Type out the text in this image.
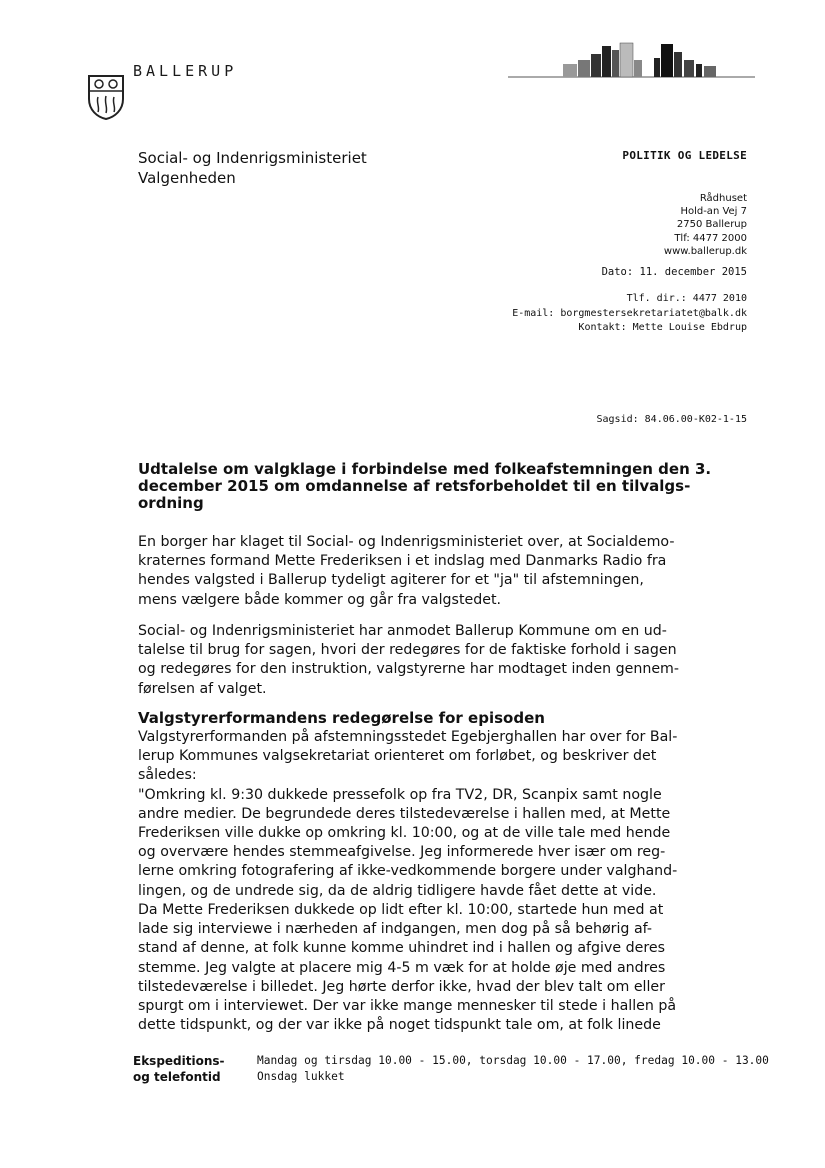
BALLERUP
Social- og Indenrigsministeriet
Valgenheden
POLITIK OG LEDELSE
Rådhuset
Hold-an Vej 7
2750 Ballerup
Tlf: 4477 2000
www.ballerup.dk
Dato: 11. december 2015
Tlf. dir.: 4477 2010
E-mail: borgmestersekretariatet@balk.dk
Kontakt: Mette Louise Ebdrup
Sagsid: 84.06.00-K02-1-15
Udtalelse om valgklage i forbindelse med folkeafstemningen den 3.
december 2015 om omdannelse af retsforbeholdet til en tilvalgs-
ordning
En borger har klaget til Social- og Indenrigsministeriet over, at Socialdemo-
kraternes formand Mette Frederiksen i et indslag med Danmarks Radio fra
hendes valgsted i Ballerup tydeligt agiterer for et "ja" til afstemningen,
mens vælgere både kommer og går fra valgstedet.
Social- og Indenrigsministeriet har anmodet Ballerup Kommune om en ud-
talelse til brug for sagen, hvori der redegøres for de faktiske forhold i sagen
og redegøres for den instruktion, valgstyrerne har modtaget inden gennem-
førelsen af valget.
Valgstyrerformandens redegørelse for episoden
Valgstyrerformanden på afstemningsstedet Egebjerghallen har over for Bal-
lerup Kommunes valgsekretariat orienteret om forløbet, og beskriver det
således:
"Omkring kl. 9:30 dukkede pressefolk op fra TV2, DR, Scanpix samt nogle
andre medier. De begrundede deres tilstedeværelse i hallen med, at Mette
Frederiksen ville dukke op omkring kl. 10:00, og at de ville tale med hende
og overvære hendes stemmeafgivelse. Jeg informerede hver især om reg-
lerne omkring fotografering af ikke-vedkommende borgere under valghand-
lingen, og de undrede sig, da de aldrig tidligere havde fået dette at vide.
Da Mette Frederiksen dukkede op lidt efter kl. 10:00, startede hun med at
lade sig interviewe i nærheden af indgangen, men dog på så behørig af-
stand af denne, at folk kunne komme uhindret ind i hallen og afgive deres
stemme. Jeg valgte at placere mig 4-5 m væk for at holde øje med andres
tilstedeværelse i billedet. Jeg hørte derfor ikke, hvad der blev talt om eller
spurgt om i interviewet. Der var ikke mange mennesker til stede i hallen på
dette tidspunkt, og der var ikke på noget tidspunkt tale om, at folk linede
Ekspeditions-
og telefontid
Mandag og tirsdag 10.00 - 15.00, torsdag 10.00 - 17.00, fredag 10.00 - 13.00
Onsdag lukket
